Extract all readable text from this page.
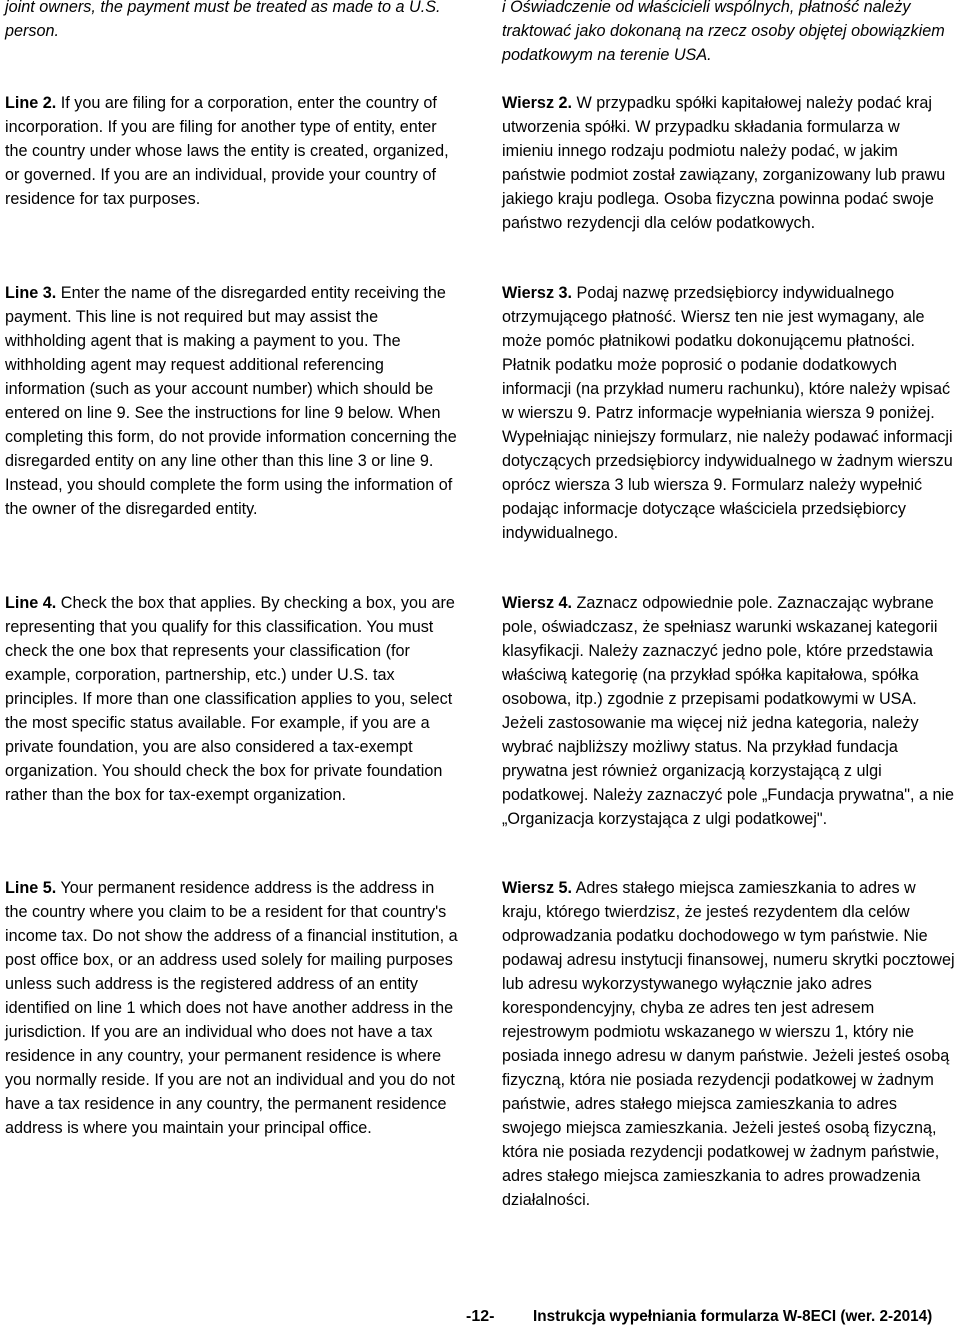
joint owners, the payment must be treated as made to a U.S. person.

Line 2. If you are filing for a corporation, enter the country of incorporation. If you are filing for another type of entity, enter the country under whose laws the entity is created, organized, or governed. If you are an individual, provide your country of residence for tax purposes.

Line 3. Enter the name of the disregarded entity receiving the payment. This line is not required but may assist the withholding agent that is making a payment to you. The withholding agent may request additional referencing information (such as your account number) which should be entered on line 9. See the instructions for line 9 below. When completing this form, do not provide information concerning the disregarded entity on any line other than this line 3 or line 9. Instead, you should complete the form using the information of the owner of the disregarded entity.

Line 4. Check the box that applies. By checking a box, you are representing that you qualify for this classification. You must check the one box that represents your classification (for example, corporation, partnership, etc.) under U.S. tax principles. If more than one classification applies to you, select the most specific status available. For example, if you are a private foundation, you are also considered a tax-exempt organization. You should check the box for private foundation rather than the box for tax-exempt organization.

Line 5. Your permanent residence address is the address in the country where you claim to be a resident for that country's income tax. Do not show the address of a financial institution, a post office box, or an address used solely for mailing purposes unless such address is the registered address of an entity identified on line 1 which does not have another address in the jurisdiction. If you are an individual who does not have a tax residence in any country, your permanent residence is where you normally reside. If you are not an individual and you do not have a tax residence in any country, the permanent residence address is where you maintain your principal office.

i Oświadczenie od właścicieli wspólnych, płatność należy traktować jako dokonaną na rzecz osoby objętej obowiązkiem podatkowym na terenie USA.

Wiersz 2. W przypadku spółki kapitałowej należy podać kraj utworzenia spółki. W przypadku składania formularza w imieniu innego rodzaju podmiotu należy podać, w jakim państwie podmiot został zawiązany, zorganizowany lub prawu jakiego kraju podlega. Osoba fizyczna powinna podać swoje państwo rezydencji dla celów podatkowych.

Wiersz 3. Podaj nazwę przedsiębiorcy indywidualnego otrzymującego płatność. Wiersz ten nie jest wymagany, ale może pomóc płatnikowi podatku dokonującemu płatności. Płatnik podatku może poprosić o podanie dodatkowych informacji (na przykład numeru rachunku), które należy wpisać w wierszu 9. Patrz informacje wypełniania wiersza 9 poniżej. Wypełniając niniejszy formularz, nie należy podawać informacji dotyczących przedsiębiorcy indywidualnego w żadnym wierszu oprócz wiersza 3 lub wiersza 9. Formularz należy wypełnić podając informacje dotyczące właściciela przedsiębiorcy indywidualnego.

Wiersz 4. Zaznacz odpowiednie pole. Zaznaczając wybrane pole, oświadczasz, że spełniasz warunki wskazanej kategorii klasyfikacji. Należy zaznaczyć jedno pole, które przedstawia właściwą kategorię (na przykład spółka kapitałowa, spółka osobowa, itp.) zgodnie z przepisami podatkowymi w USA. Jeżeli zastosowanie ma więcej niż jedna kategoria, należy wybrać najbliższy możliwy status. Na przykład fundacja prywatna jest również organizacją korzystającą z ulgi podatkowej. Należy zaznaczyć pole „Fundacja prywatna", a nie „Organizacja korzystająca z ulgi podatkowej".

Wiersz 5. Adres stałego miejsca zamieszkania to adres w kraju, którego twierdzisz, że jesteś rezydentem dla celów odprowadzania podatku dochodowego w tym państwie. Nie podawaj adresu instytucji finansowej, numeru skrytki pocztowej lub adresu wykorzystywanego wyłącznie jako adres korespondencyjny, chyba ze adres ten jest adresem rejestrowym podmiotu wskazanego w wierszu 1, który nie posiada innego adresu w danym państwie. Jeżeli jesteś osobą fizyczną, która nie posiada rezydencji podatkowej w żadnym państwie, adres stałego miejsca zamieszkania to adres swojego miejsca zamieszkania. Jeżeli jesteś osobą fizyczną, która nie posiada rezydencji podatkowej w żadnym państwie, adres stałego miejsca zamieszkania to adres prowadzenia działalności.

-12-	Instrukcja wypełniania formularza W-8ECI (wer. 2-2014)
